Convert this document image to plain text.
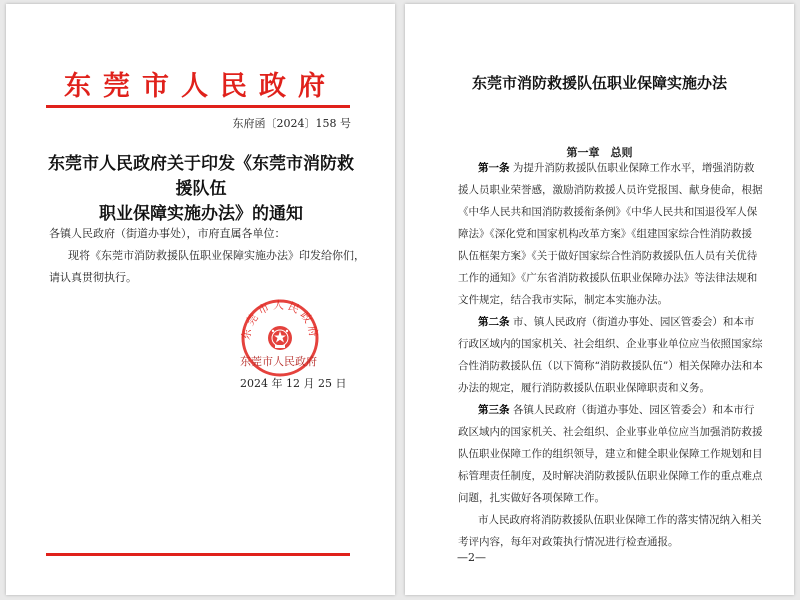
东莞市人民政府
东府函〔2024〕158 号
东莞市人民政府关于印发《东莞市消防救援队伍
职业保障实施办法》的通知
各镇人民政府（街道办事处），市府直属各单位：
现将《东莞市消防救援队伍职业保障实施办法》印发给你们，
请认真贯彻执行。
东莞市人民政府
东莞市人民政府
2024 年 12 月 25 日
东莞市消防救援队伍职业保障实施办法
第一章　总则
第一条 为提升消防救援队伍职业保障工作水平，增强消防救
援人员职业荣誉感，激励消防救援人员许党报国、献身使命，根据
《中华人民共和国消防救援衔条例》《中华人民共和国退役军人保
障法》《深化党和国家机构改革方案》《组建国家综合性消防救援
队伍框架方案》《关于做好国家综合性消防救援队伍人员有关优待
工作的通知》《广东省消防救援队伍职业保障办法》等法律法规和
文件规定，结合我市实际，制定本实施办法。
第二条 市、镇人民政府（街道办事处、园区管委会）和本市
行政区域内的国家机关、社会组织、企业事业单位应当依照国家综
合性消防救援队伍（以下简称“消防救援队伍”）相关保障办法和本
办法的规定，履行消防救援队伍职业保障职责和义务。
第三条 各镇人民政府（街道办事处、园区管委会）和本市行
政区域内的国家机关、社会组织、企业事业单位应当加强消防救援
队伍职业保障工作的组织领导，建立和健全职业保障工作规划和目
标管理责任制度，及时解决消防救援队伍职业保障工作的重点难点
问题，扎实做好各项保障工作。
市人民政府将消防救援队伍职业保障工作的落实情况纳入相关
考评内容，每年对政策执行情况进行检查通报。
—2—
